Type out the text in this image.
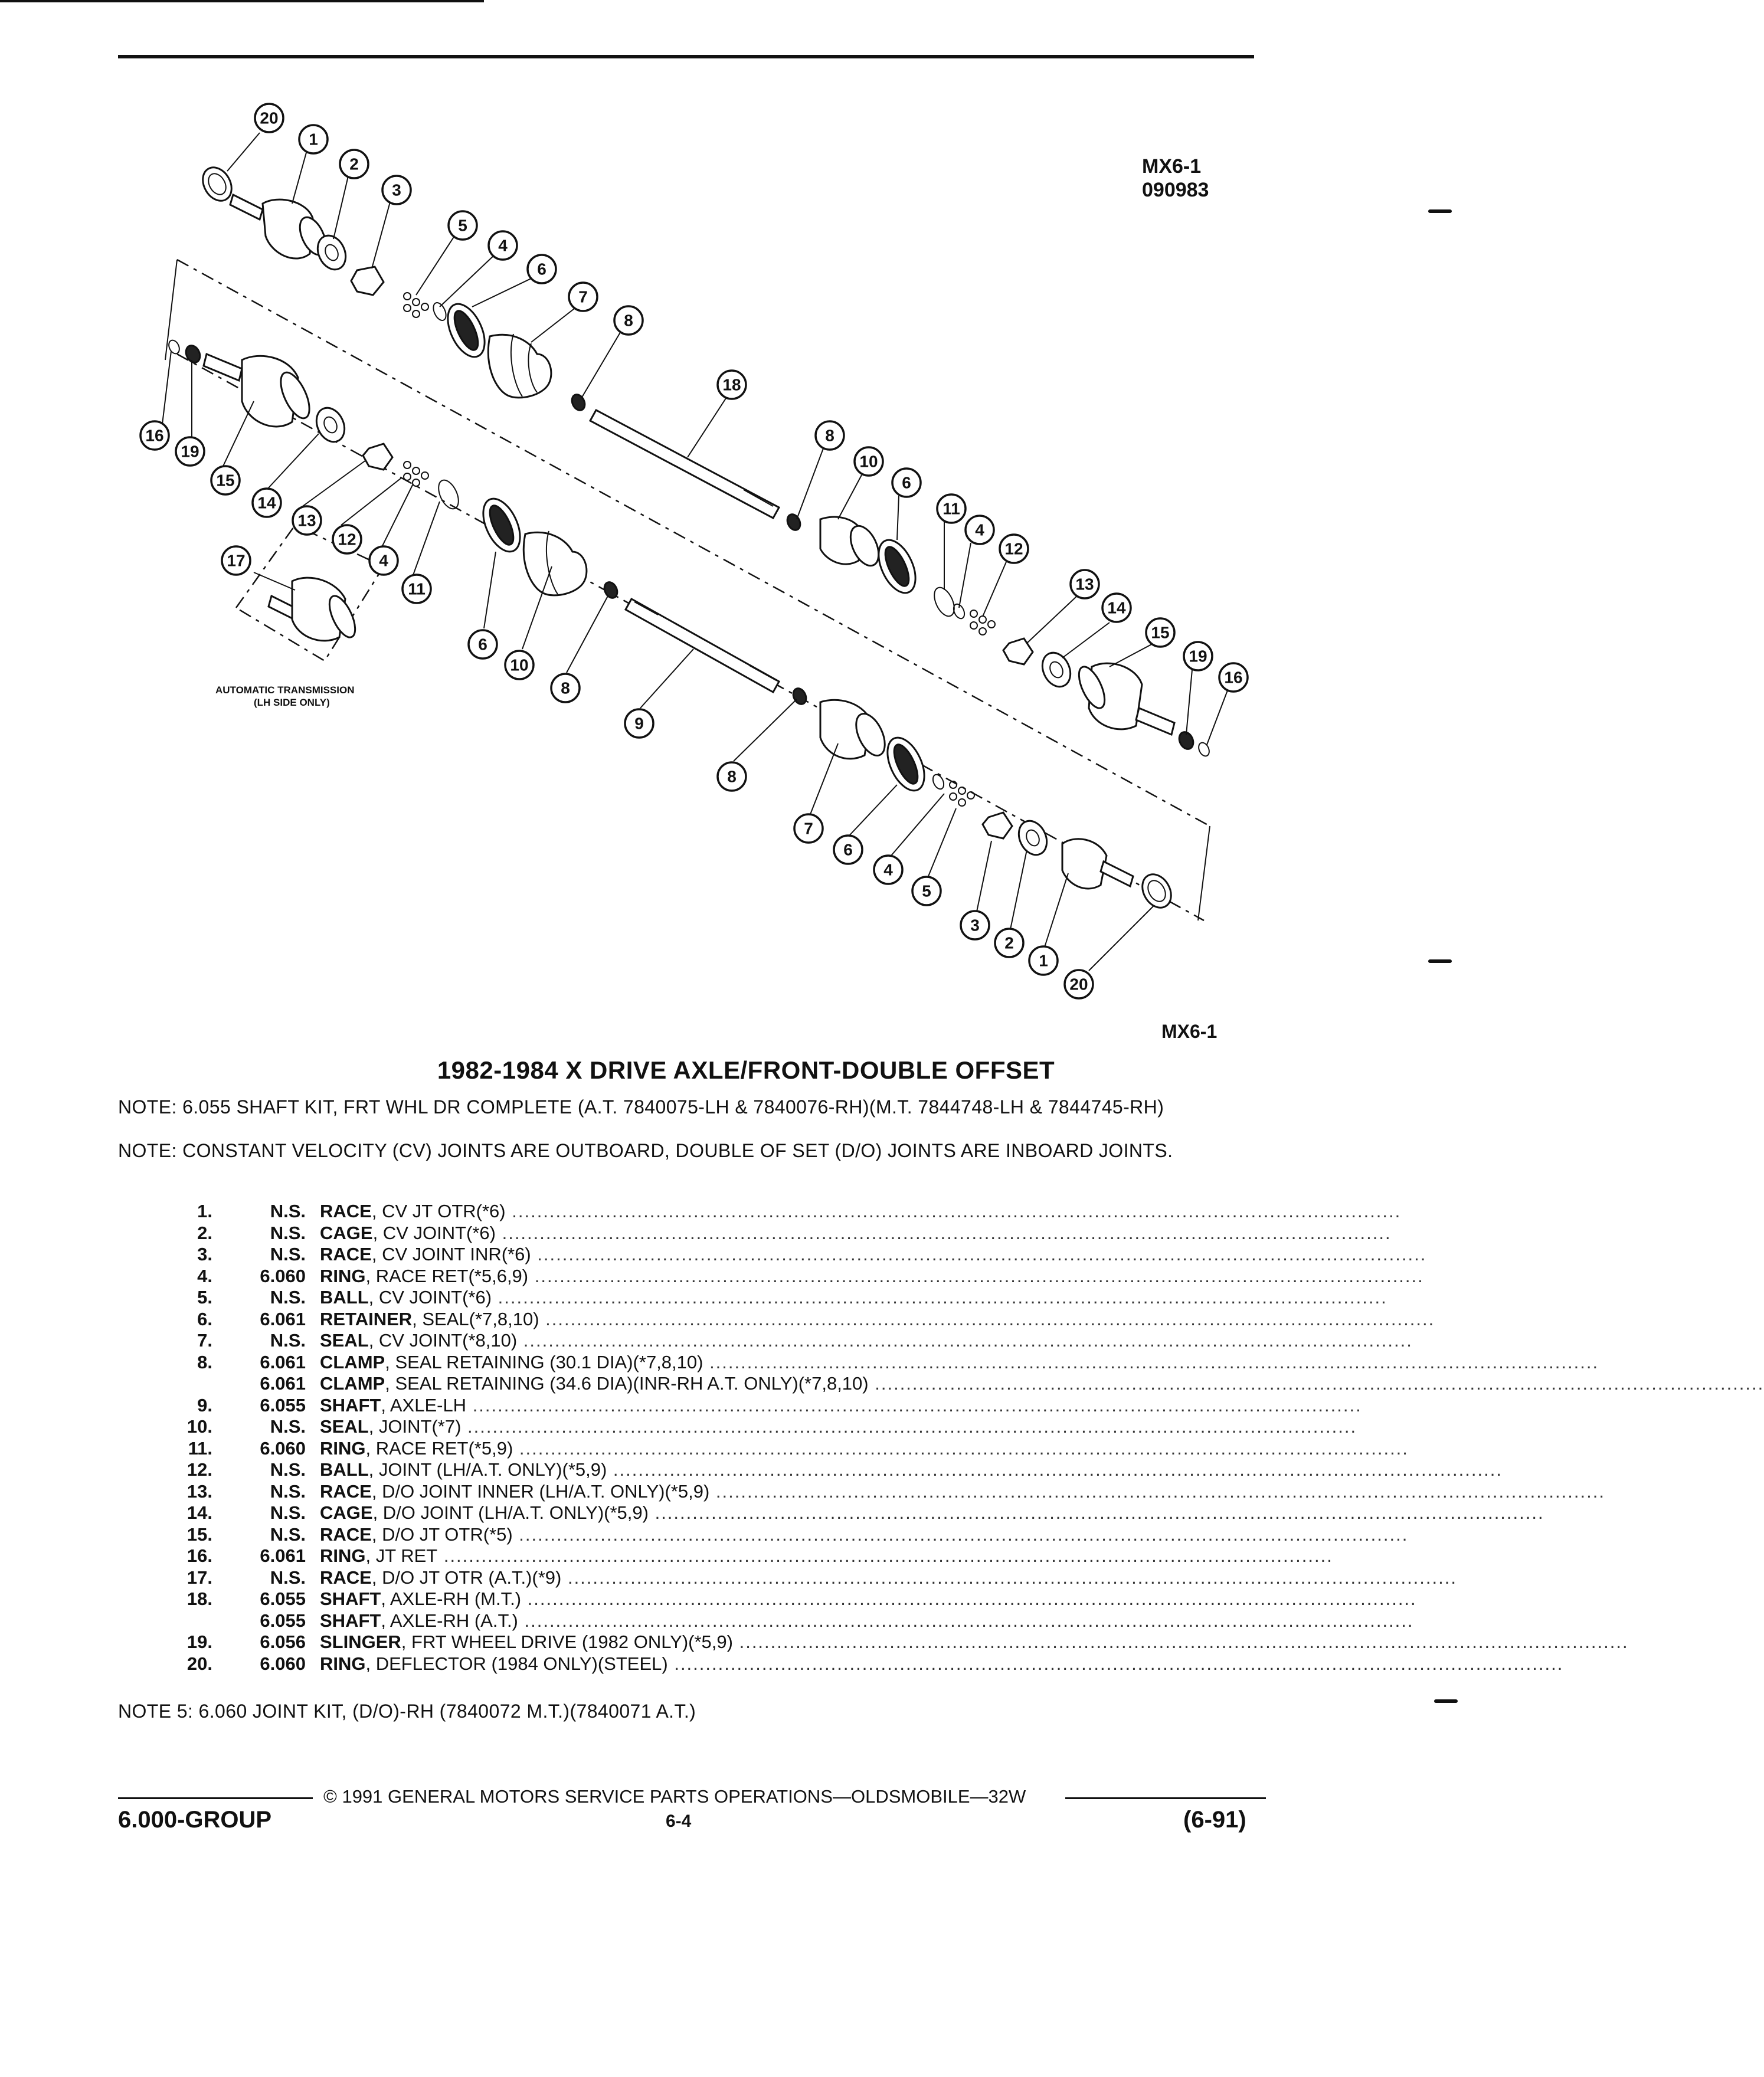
MX6-1
090983
MX6-1
AUTOMATIC TRANSMISSION
(LH SIDE ONLY)
20
1
2
3
5
4
6
7
8
18
8
10
6
11
4
12
13
14
15
19
16
16
19
15
14
13
12
4
11
17
6
10
8
9
8
7
6
4
5
3
2
1
20
1982-1984 X DRIVE AXLE/FRONT-DOUBLE OFFSET
NOTE: 6.055 SHAFT KIT, FRT WHL DR COMPLETE (A.T. 7840075-LH & 7840076-RH)(M.T. 7844748-LH & 7844745-RH)
NOTE: CONSTANT VELOCITY (CV) JOINTS ARE OUTBOARD, DOUBLE OF SET (D/O) JOINTS ARE INBOARD JOINTS.
1.	N.S. RACE, CV JT OTR(*6) ..............................................................................................................................................
2.	N.S. CAGE, CV JOINT(*6) ..............................................................................................................................................
3.	N.S. RACE, CV JOINT INR(*6) ..............................................................................................................................................
4.	6.060 RING, RACE RET(*5,6,9) ..............................................................................................................................................
5.	N.S. BALL, CV JOINT(*6) ..............................................................................................................................................
6.	6.061 RETAINER, SEAL(*7,8,10) ..............................................................................................................................................
7.	N.S. SEAL, CV JOINT(*8,10) ..............................................................................................................................................
8.	6.061 CLAMP, SEAL RETAINING (30.1 DIA)(*7,8,10) ..............................................................................................................................................
6.061 CLAMP, SEAL RETAINING (34.6 DIA)(INR-RH A.T. ONLY)(*7,8,10) ..............................................................................................................................................
9.	6.055 SHAFT, AXLE-LH ..............................................................................................................................................
10.	N.S. SEAL, JOINT(*7) ..............................................................................................................................................
11.	6.060 RING, RACE RET(*5,9) ..............................................................................................................................................
12.	N.S. BALL, JOINT (LH/A.T. ONLY)(*5,9) ..............................................................................................................................................
13.	N.S. RACE, D/O JOINT INNER (LH/A.T. ONLY)(*5,9) ..............................................................................................................................................
14.	N.S. CAGE, D/O JOINT (LH/A.T. ONLY)(*5,9) ..............................................................................................................................................
15.	N.S. RACE, D/O JT OTR(*5) ..............................................................................................................................................
16.	6.061 RING, JT RET ..............................................................................................................................................
17.	N.S. RACE, D/O JT OTR (A.T.)(*9) ..............................................................................................................................................
18.	6.055 SHAFT, AXLE-RH (M.T.) ..............................................................................................................................................
6.055 SHAFT, AXLE-RH (A.T.) ..............................................................................................................................................
19.	6.056 SLINGER, FRT WHEEL DRIVE (1982 ONLY)(*5,9) ..............................................................................................................................................
20.	6.060 RING, DEFLECTOR (1984 ONLY)(STEEL) ..............................................................................................................................................
NOTE 5: 6.060 JOINT KIT, (D/O)-RH (7840072 M.T.)(7840071 A.T.)
© 1991 GENERAL MOTORS SERVICE PARTS OPERATIONS—OLDSMOBILE—32W
6.000-GROUP	6-4	(6-91)
